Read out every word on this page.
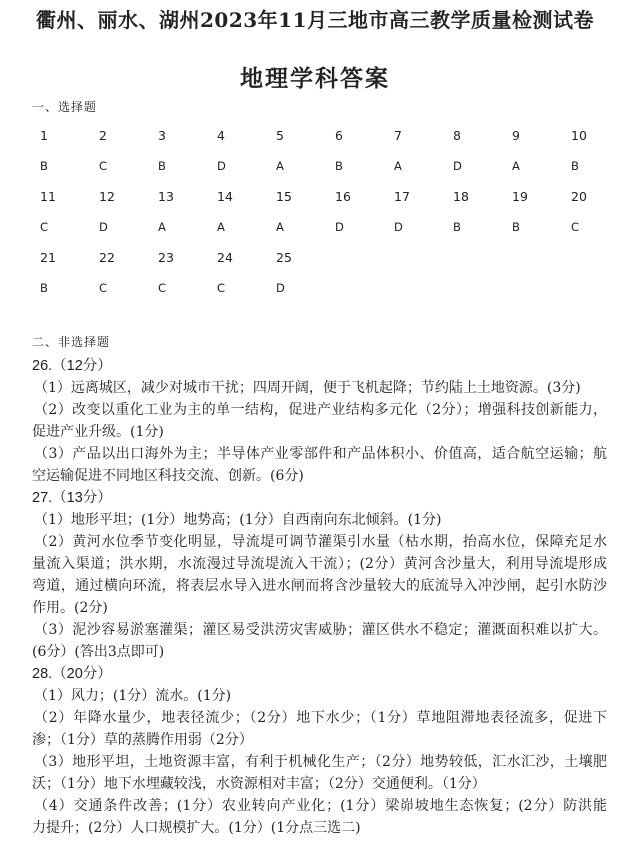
衢州、丽水、湖州2023年11月三地市高三教学质量检测试卷
地理学科答案
一、选择题
1	2	3	4	5	6	7	8	9	10
B	C	B	D	A	B	A	D	A	B
11	12	13	14	15	16	17	18	19	20
C	D	A	A	A	D	D	B	B	C
21	22	23	24	25
B	C	C	C	D
二、非选择题
26.（12分）
（1）远离城区，减少对城市干扰；四周开阔，便于飞机起降；节约陆上土地资源。(3分)
（2）改变以重化工业为主的单一结构，促进产业结构多元化（2分）；增强科技创新能力，
促进产业升级。(1分)
（3）产品以出口海外为主；半导体产业零部件和产品体积小、价值高，适合航空运输；航
空运输促进不同地区科技交流、创新。(6分)
27.（13分）
（1）地形平坦；(1分）地势高；(1分）自西南向东北倾斜。(1分)
（2）黄河水位季节变化明显，导流堤可调节灌渠引水量（枯水期，抬高水位，保障充足水
量流入渠道；洪水期，水流漫过导流堤流入干流）；(2分）黄河含沙量大，利用导流堤形成
弯道，通过横向环流，将表层水导入进水闸而将含沙量较大的底流导入冲沙闸，起引水防沙
作用。(2分)
（3）泥沙容易淤塞灌渠；灌区易受洪涝灾害威胁；灌区供水不稳定；灌溉面积难以扩大。
(6分）(答出3点即可)
28.（20分）
（1）风力；(1分）流水。(1分)
（2）年降水量少，地表径流少；（2分）地下水少；（1分）草地阻滞地表径流多，促进下
渗；（1分）草的蒸腾作用弱（2分）
（3）地形平坦，土地资源丰富，有利于机械化生产；（2分）地势较低，汇水汇沙，土壤肥
沃；（1分）地下水埋藏较浅，水资源相对丰富；（2分）交通便利。（1分）
（4）交通条件改善；(1分）农业转向产业化；(1分）梁峁坡地生态恢复；(2分）防洪能
力提升；(2分）人口规模扩大。(1分）(1分点三选二)
